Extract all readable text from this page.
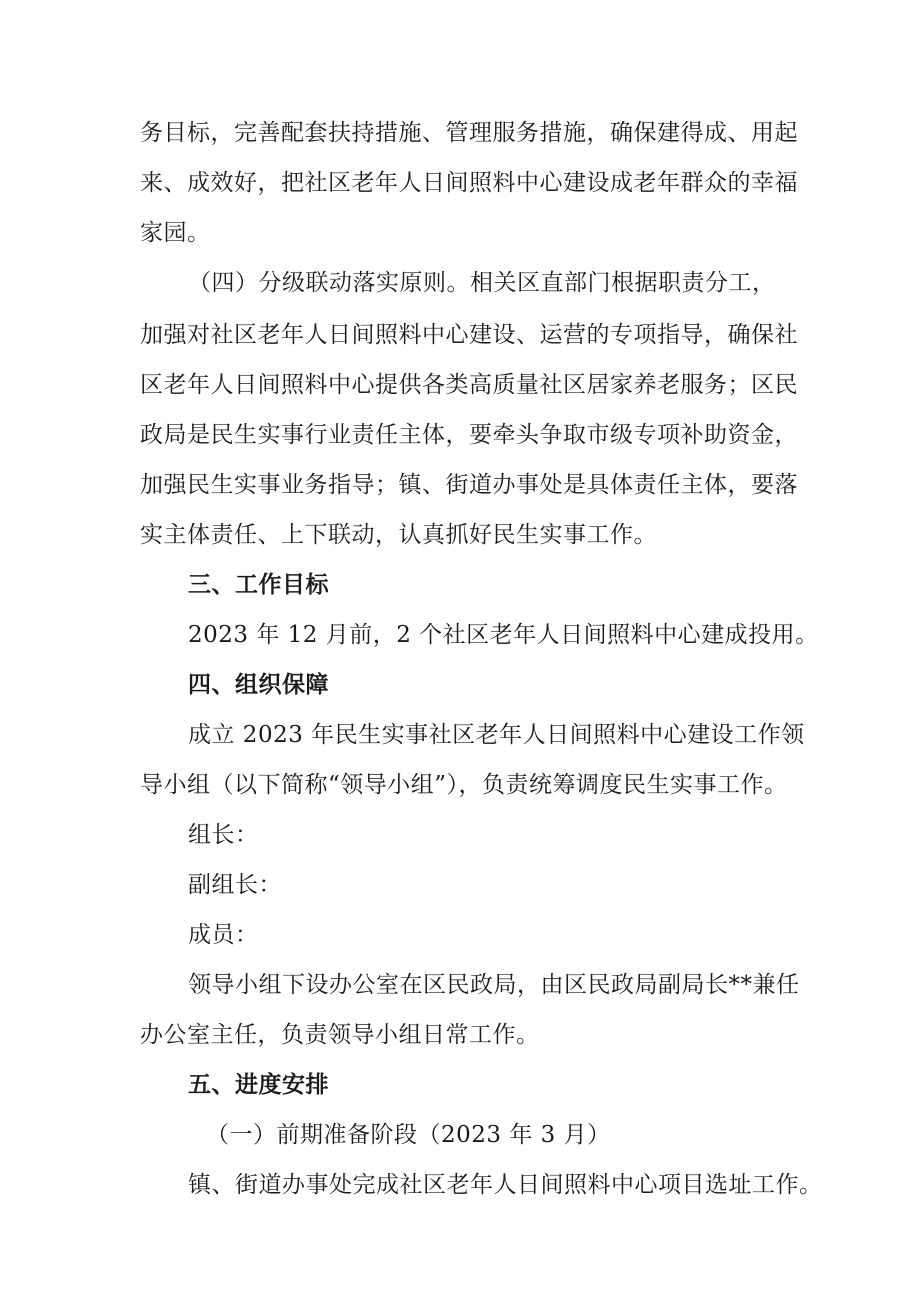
务目标，完善配套扶持措施、管理服务措施，确保建得成、用起
来、成效好，把社区老年人日间照料中心建设成老年群众的幸福
家园。
（四）分级联动落实原则。相关区直部门根据职责分工，
加强对社区老年人日间照料中心建设、运营的专项指导，确保社
区老年人日间照料中心提供各类高质量社区居家养老服务；区民
政局是民生实事行业责任主体，要牵头争取市级专项补助资金，
加强民生实事业务指导；镇、街道办事处是具体责任主体，要落
实主体责任、上下联动，认真抓好民生实事工作。
三、工作目标
2023 年 12 月前，2 个社区老年人日间照料中心建成投用。
四、组织保障
成立 2023 年民生实事社区老年人日间照料中心建设工作领
导小组（以下简称“领导小组”），负责统筹调度民生实事工作。
组长：
副组长：
成员：
领导小组下设办公室在区民政局，由区民政局副局长**兼任
办公室主任，负责领导小组日常工作。
五、进度安排
（一）前期准备阶段（2023 年 3 月）
镇、街道办事处完成社区老年人日间照料中心项目选址工作。
